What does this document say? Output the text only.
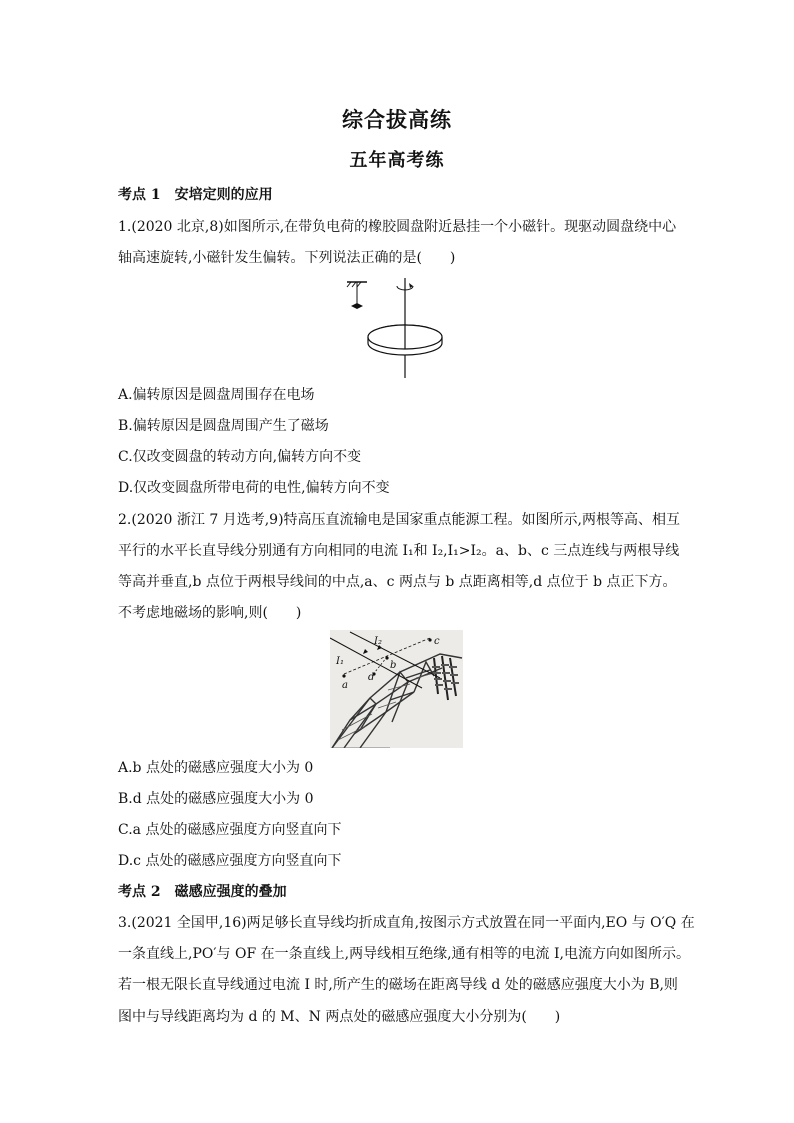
综合拔高练
五年高考练
考点 1　安培定则的应用
1.(2020 北京,8)如图所示,在带负电荷的橡胶圆盘附近悬挂一个小磁针。现驱动圆盘绕中心
轴高速旋转,小磁针发生偏转。下列说法正确的是(　　)
A.偏转原因是圆盘周围存在电场
B.偏转原因是圆盘周围产生了磁场
C.仅改变圆盘的转动方向,偏转方向不变
D.仅改变圆盘所带电荷的电性,偏转方向不变
2.(2020 浙江 7 月选考,9)特高压直流输电是国家重点能源工程。如图所示,两根等高、相互
平行的水平长直导线分别通有方向相同的电流 I₁和 I₂,I₁>I₂。a、b、c 三点连线与两根导线
等高并垂直,b 点位于两根导线间的中点,a、c 两点与 b 点距离相等,d 点位于 b 点正下方。
不考虑地磁场的影响,则(　　)
I₂
I₁
a
b
c
d
A.b 点处的磁感应强度大小为 0
B.d 点处的磁感应强度大小为 0
C.a 点处的磁感应强度方向竖直向下
D.c 点处的磁感应强度方向竖直向下
考点 2　磁感应强度的叠加
3.(2021 全国甲,16)两足够长直导线均折成直角,按图示方式放置在同一平面内,EO 与 O′Q 在
一条直线上,PO′与 OF 在一条直线上,两导线相互绝缘,通有相等的电流 I,电流方向如图所示。
若一根无限长直导线通过电流 I 时,所产生的磁场在距离导线 d 处的磁感应强度大小为 B,则
图中与导线距离均为 d 的 M、N 两点处的磁感应强度大小分别为(　　)
